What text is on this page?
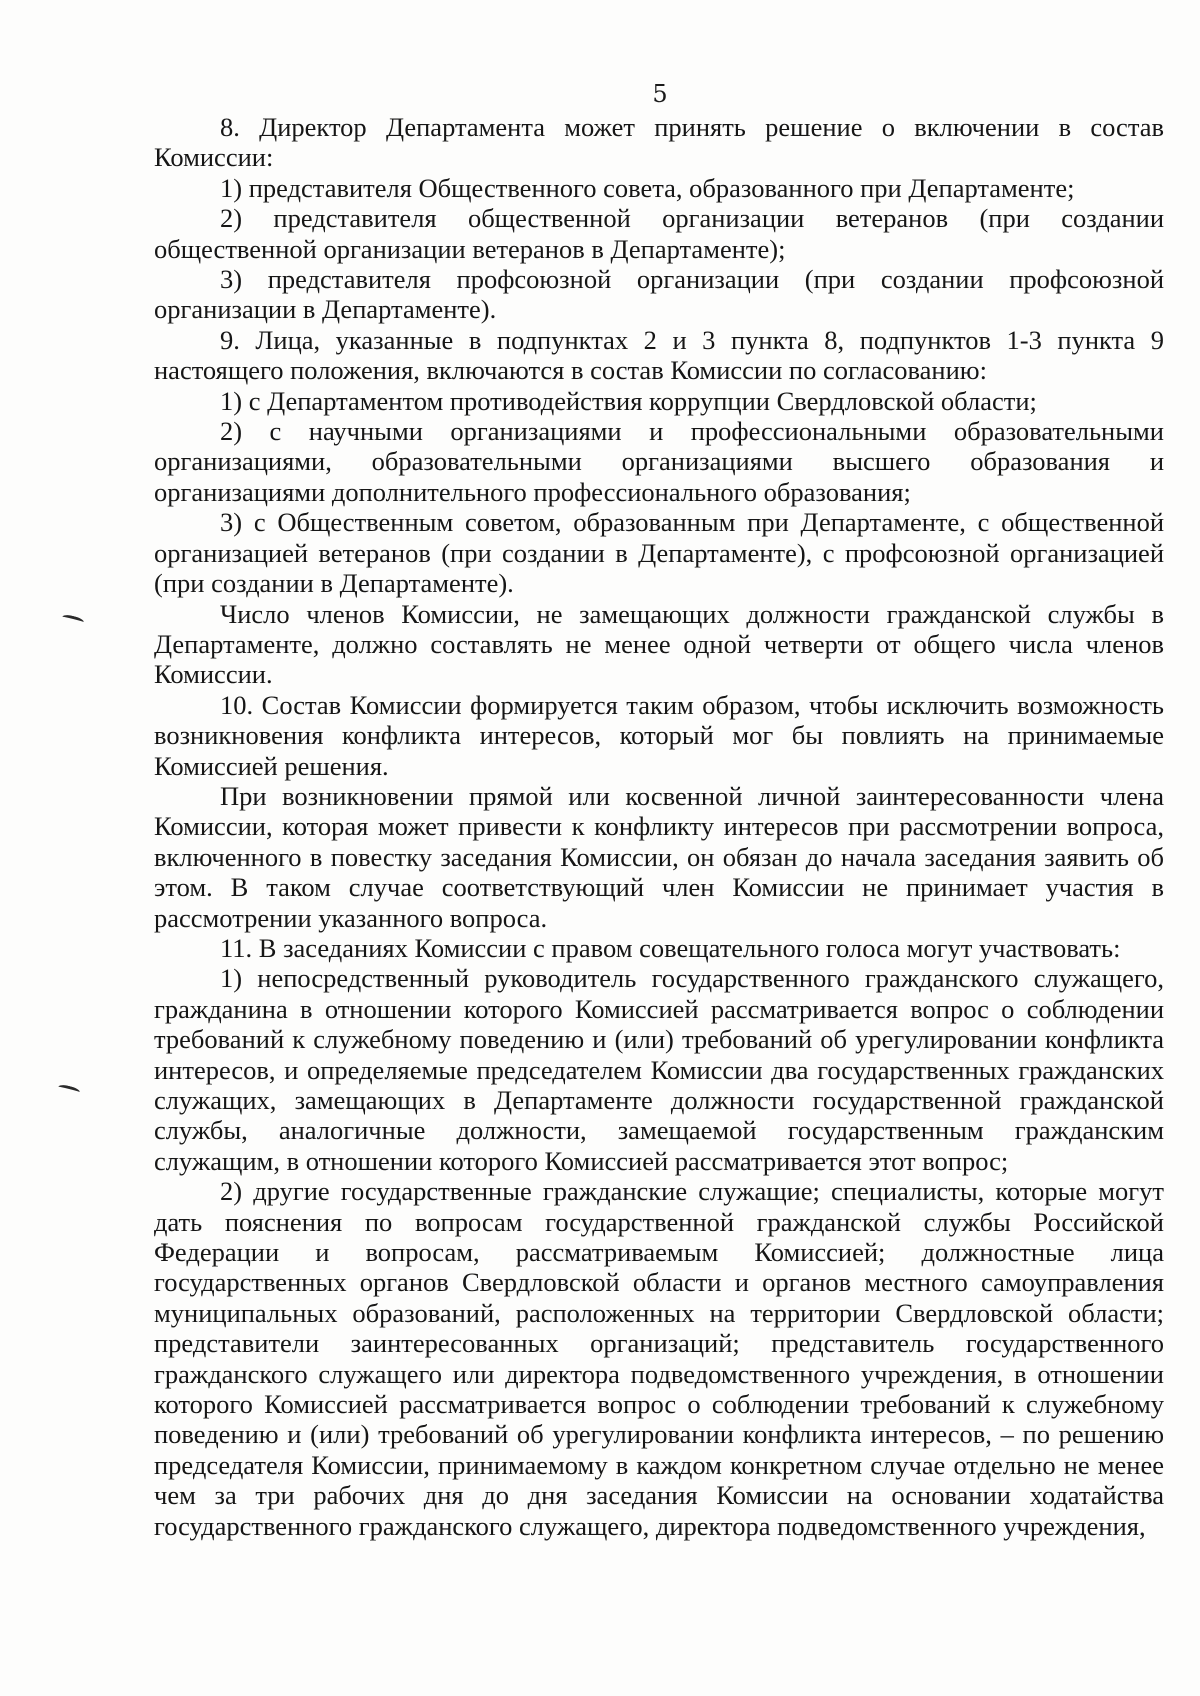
5

8. Директор Департамента может принять решение о включении в состав Комиссии:

1) представителя Общественного совета, образованного при Департаменте;

2) представителя общественной организации ветеранов (при создании общественной организации ветеранов в Департаменте);

3) представителя профсоюзной организации (при создании профсоюзной организации в Департаменте).

9. Лица, указанные в подпунктах 2 и 3 пункта 8, подпунктов 1-3 пункта 9 настоящего положения, включаются в состав Комиссии по согласованию:

1) с Департаментом противодействия коррупции Свердловской области;

2) с научными организациями и профессиональными образовательными организациями, образовательными организациями высшего образования и организациями дополнительного профессионального образования;

3) с Общественным советом, образованным при Департаменте, с общественной организацией ветеранов (при создании в Департаменте), с профсоюзной организацией (при создании в Департаменте).

Число членов Комиссии, не замещающих должности гражданской службы в Департаменте, должно составлять не менее одной четверти от общего числа членов Комиссии.

10. Состав Комиссии формируется таким образом, чтобы исключить возможность возникновения конфликта интересов, который мог бы повлиять на принимаемые Комиссией решения.

При возникновении прямой или косвенной личной заинтересованности члена Комиссии, которая может привести к конфликту интересов при рассмотрении вопроса, включенного в повестку заседания Комиссии, он обязан до начала заседания заявить об этом. В таком случае соответствующий член Комиссии не принимает участия в рассмотрении указанного вопроса.

11. В заседаниях Комиссии с правом совещательного голоса могут участвовать:

1) непосредственный руководитель государственного гражданского служащего, гражданина в отношении которого Комиссией рассматривается вопрос о соблюдении требований к служебному поведению и (или) требований об урегулировании конфликта интересов, и определяемые председателем Комиссии два государственных гражданских служащих, замещающих в Департаменте должности государственной гражданской службы, аналогичные должности, замещаемой государственным гражданским служащим, в отношении которого Комиссией рассматривается этот вопрос;

2) другие государственные гражданские служащие; специалисты, которые могут дать пояснения по вопросам государственной гражданской службы Российской Федерации и вопросам, рассматриваемым Комиссией; должностные лица государственных органов Свердловской области и органов местного самоуправления муниципальных образований, расположенных на территории Свердловской области; представители заинтересованных организаций; представитель государственного гражданского служащего или директора подведомственного учреждения, в отношении которого Комиссией рассматривается вопрос о соблюдении требований к служебному поведению и (или) требований об урегулировании конфликта интересов, – по решению председателя Комиссии, принимаемому в каждом конкретном случае отдельно не менее чем за три рабочих дня до дня заседания Комиссии на основании ходатайства государственного гражданского служащего, директора подведомственного учреждения,
